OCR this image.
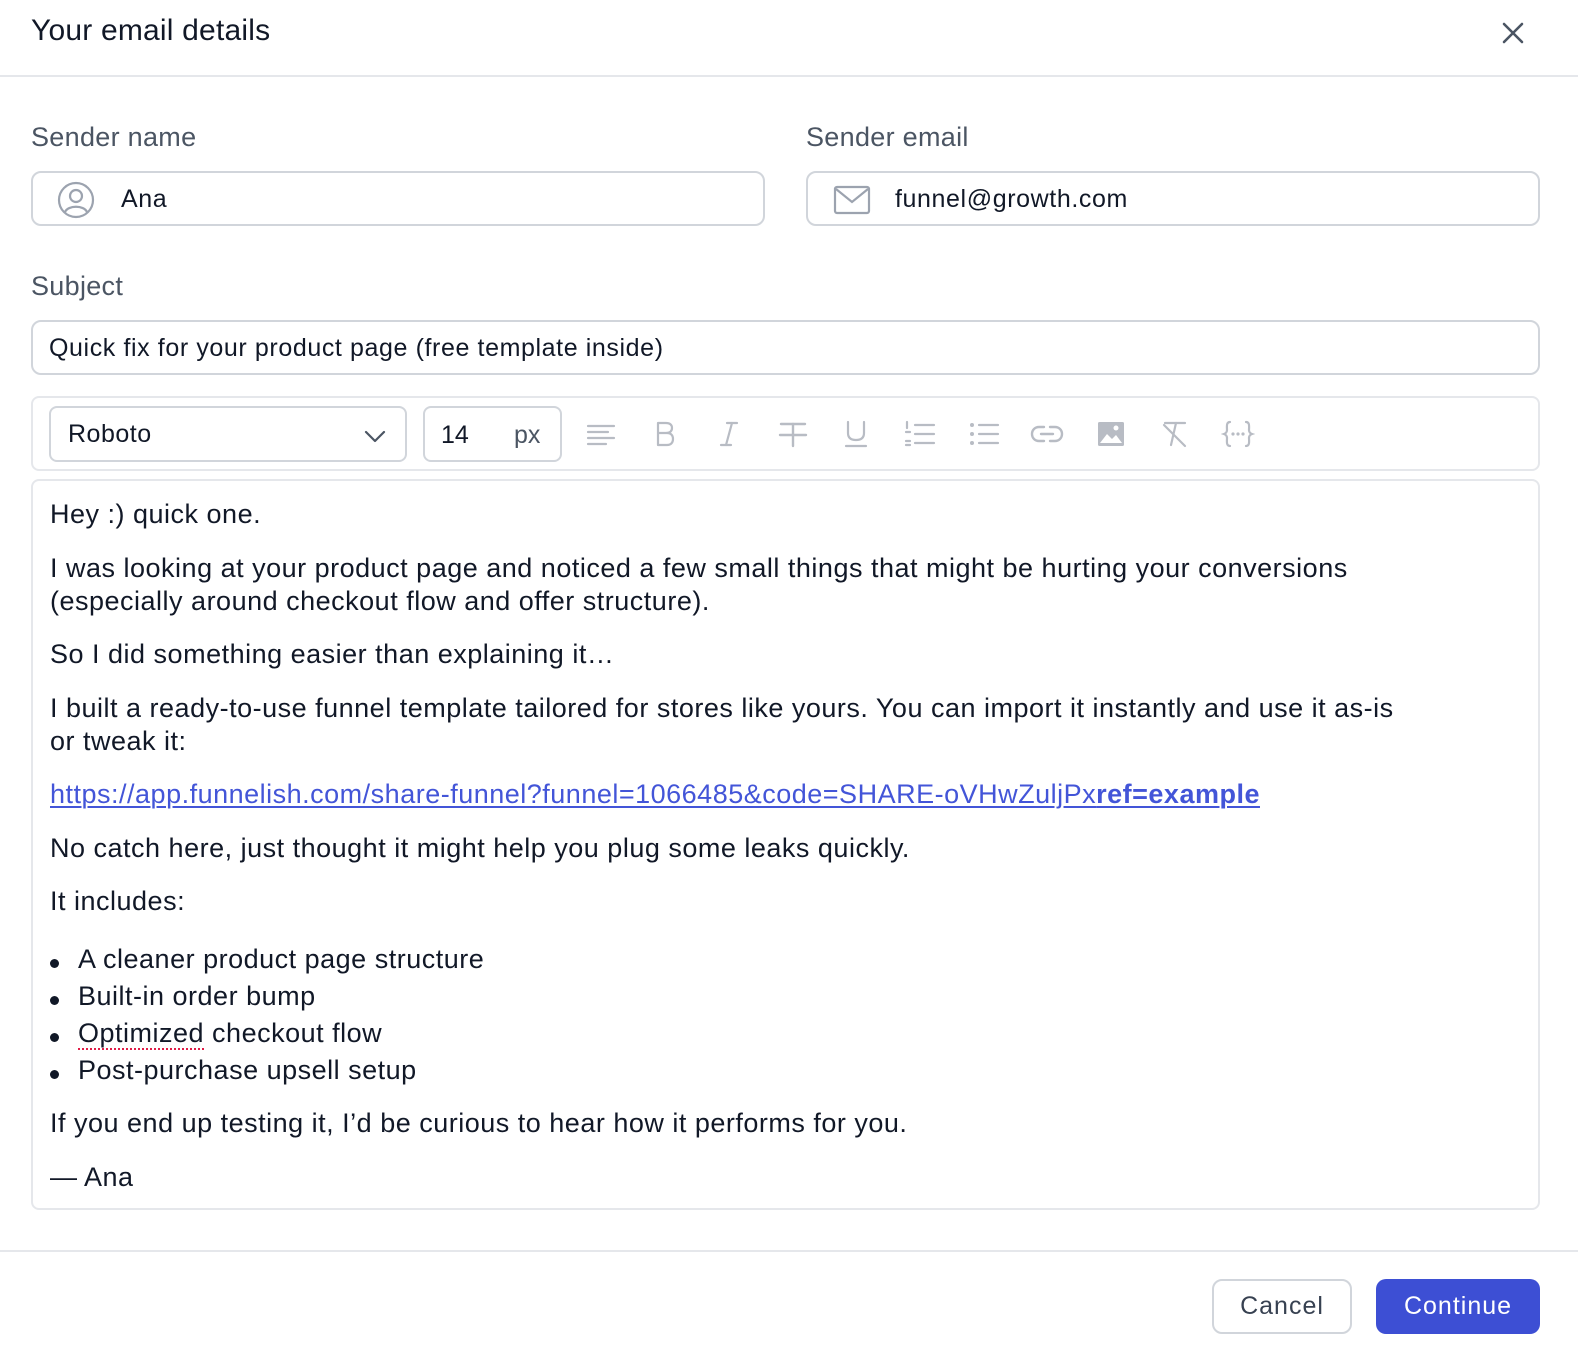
Your email details
Sender name
Ana
Sender email
funnel@growth.com
Subject
Quick fix for your product page (free template inside)
Roboto	14 px
Hey :) quick one.
I was looking at your product page and noticed a few small things that might be hurting your conversions
(especially around checkout flow and offer structure).
So I did something easier than explaining it…
I built a ready-to-use funnel template tailored for stores like yours. You can import it instantly and use it as-is
or tweak it:
https://app.funnelish.com/share-funnel?funnel=1066485&code=SHARE-oVHwZuljPxref=example
No catch here, just thought it might help you plug some leaks quickly.
It includes:
A cleaner product page structure
Built-in order bump
Optimized checkout flow
Post-purchase upsell setup
If you end up testing it, I’d be curious to hear how it performs for you.
— Ana
Cancel	Continue
